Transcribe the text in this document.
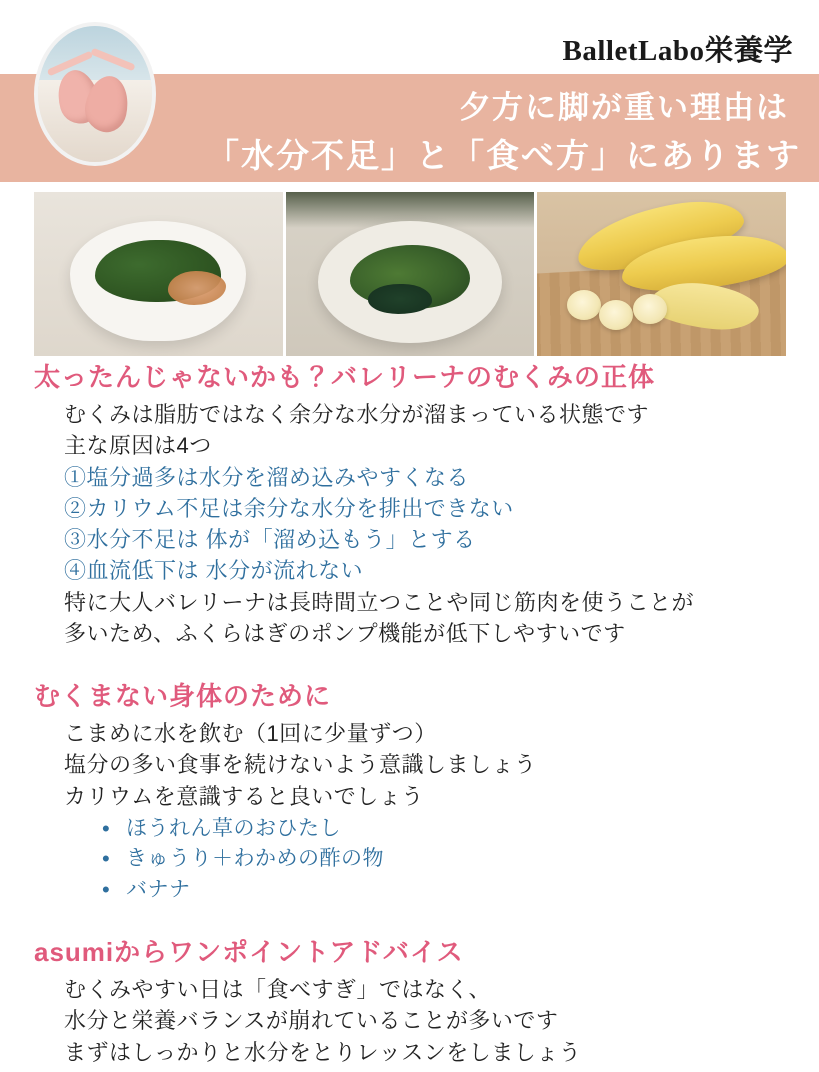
BalletLabo栄養学
夕方に脚が重い理由は
「水分不足」と「食べ方」にあります
太ったんじゃないかも？バレリーナのむくみの正体
むくみは脂肪ではなく余分な水分が溜まっている状態です
主な原因は4つ
①塩分過多は水分を溜め込みやすくなる
②カリウム不足は余分な水分を排出できない
③水分不足は 体が「溜め込もう」とする
④血流低下は 水分が流れない
特に大人バレリーナは長時間立つことや同じ筋肉を使うことが
多いため、ふくらはぎのポンプ機能が低下しやすいです
むくまない身体のために
こまめに水を飲む（1回に少量ずつ）
塩分の多い食事を続けないよう意識しましょう
カリウムを意識すると良いでしょう
• ほうれん草のおひたし
• きゅうり＋わかめの酢の物
• バナナ
asumiからワンポイントアドバイス
むくみやすい日は「食べすぎ」ではなく、
水分と栄養バランスが崩れていることが多いです
まずはしっかりと水分をとりレッスンをしましょう
